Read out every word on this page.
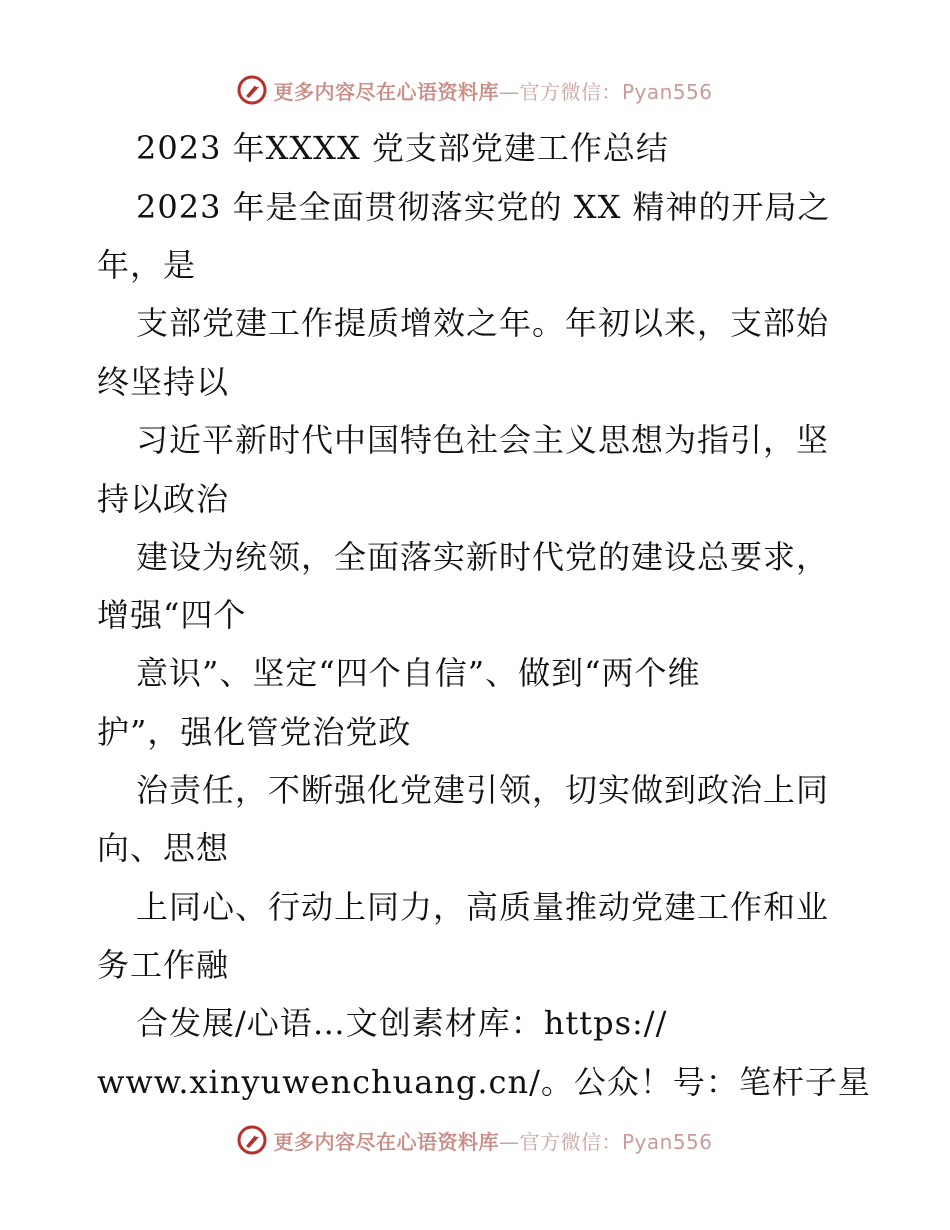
更多内容尽在心语资料库—官方微信：Pyan556
2023 年XXXX 党支部党建工作总结
2023 年是全面贯彻落实党的 XX 精神的开局之
年，是
支部党建工作提质增效之年。年初以来，支部始
终坚持以
习近平新时代中国特色社会主义思想为指引，坚
持以政治
建设为统领，全面落实新时代党的建设总要求，
增强“四个
意识”、坚定“四个自信”、做到“两个维
护”，强化管党治党政
治责任，不断强化党建引领，切实做到政治上同
向、思想
上同心、行动上同力，高质量推动党建工作和业
务工作融
合发展/心语…文创素材库：https://
www.xinyuwenchuang.cn/。公众！号：笔杆子星
更多内容尽在心语资料库—官方微信：Pyan556
